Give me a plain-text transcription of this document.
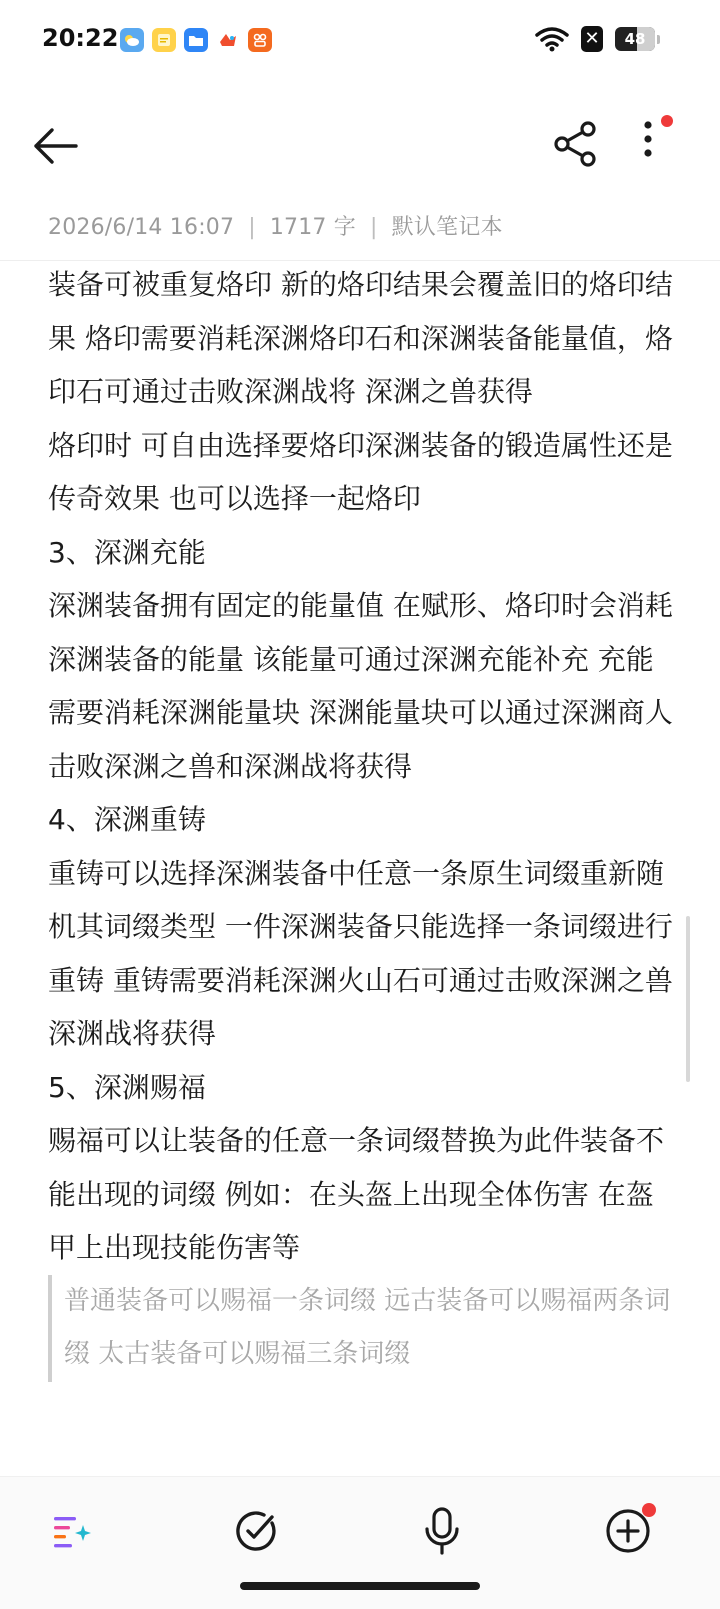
20:22	✕ 48
2026/6/14 16:07 | 1717 字 | 默认笔记本

装备可被重复烙印 新的烙印结果会覆盖旧的烙印结果 烙印需要消耗深渊烙印石和深渊装备能量值，烙印石可通过击败深渊战将 深渊之兽获得

烙印时 可自由选择要烙印深渊装备的锻造属性还是传奇效果 也可以选择一起烙印

3、深渊充能

深渊装备拥有固定的能量值 在赋形、烙印时会消耗深渊装备的能量 该能量可通过深渊充能补充 充能需要消耗深渊能量块 深渊能量块可以通过深渊商人 击败深渊之兽和深渊战将获得

4、深渊重铸

重铸可以选择深渊装备中任意一条原生词缀重新随机其词缀类型 一件深渊装备只能选择一条词缀进行重铸 重铸需要消耗深渊火山石可通过击败深渊之兽 深渊战将获得

5、深渊赐福

赐福可以让装备的任意一条词缀替换为此件装备不能出现的词缀 例如：在头盔上出现全体伤害 在盔甲上出现技能伤害等

普通装备可以赐福一条词缀 远古装备可以赐福两条词缀 太古装备可以赐福三条词缀
